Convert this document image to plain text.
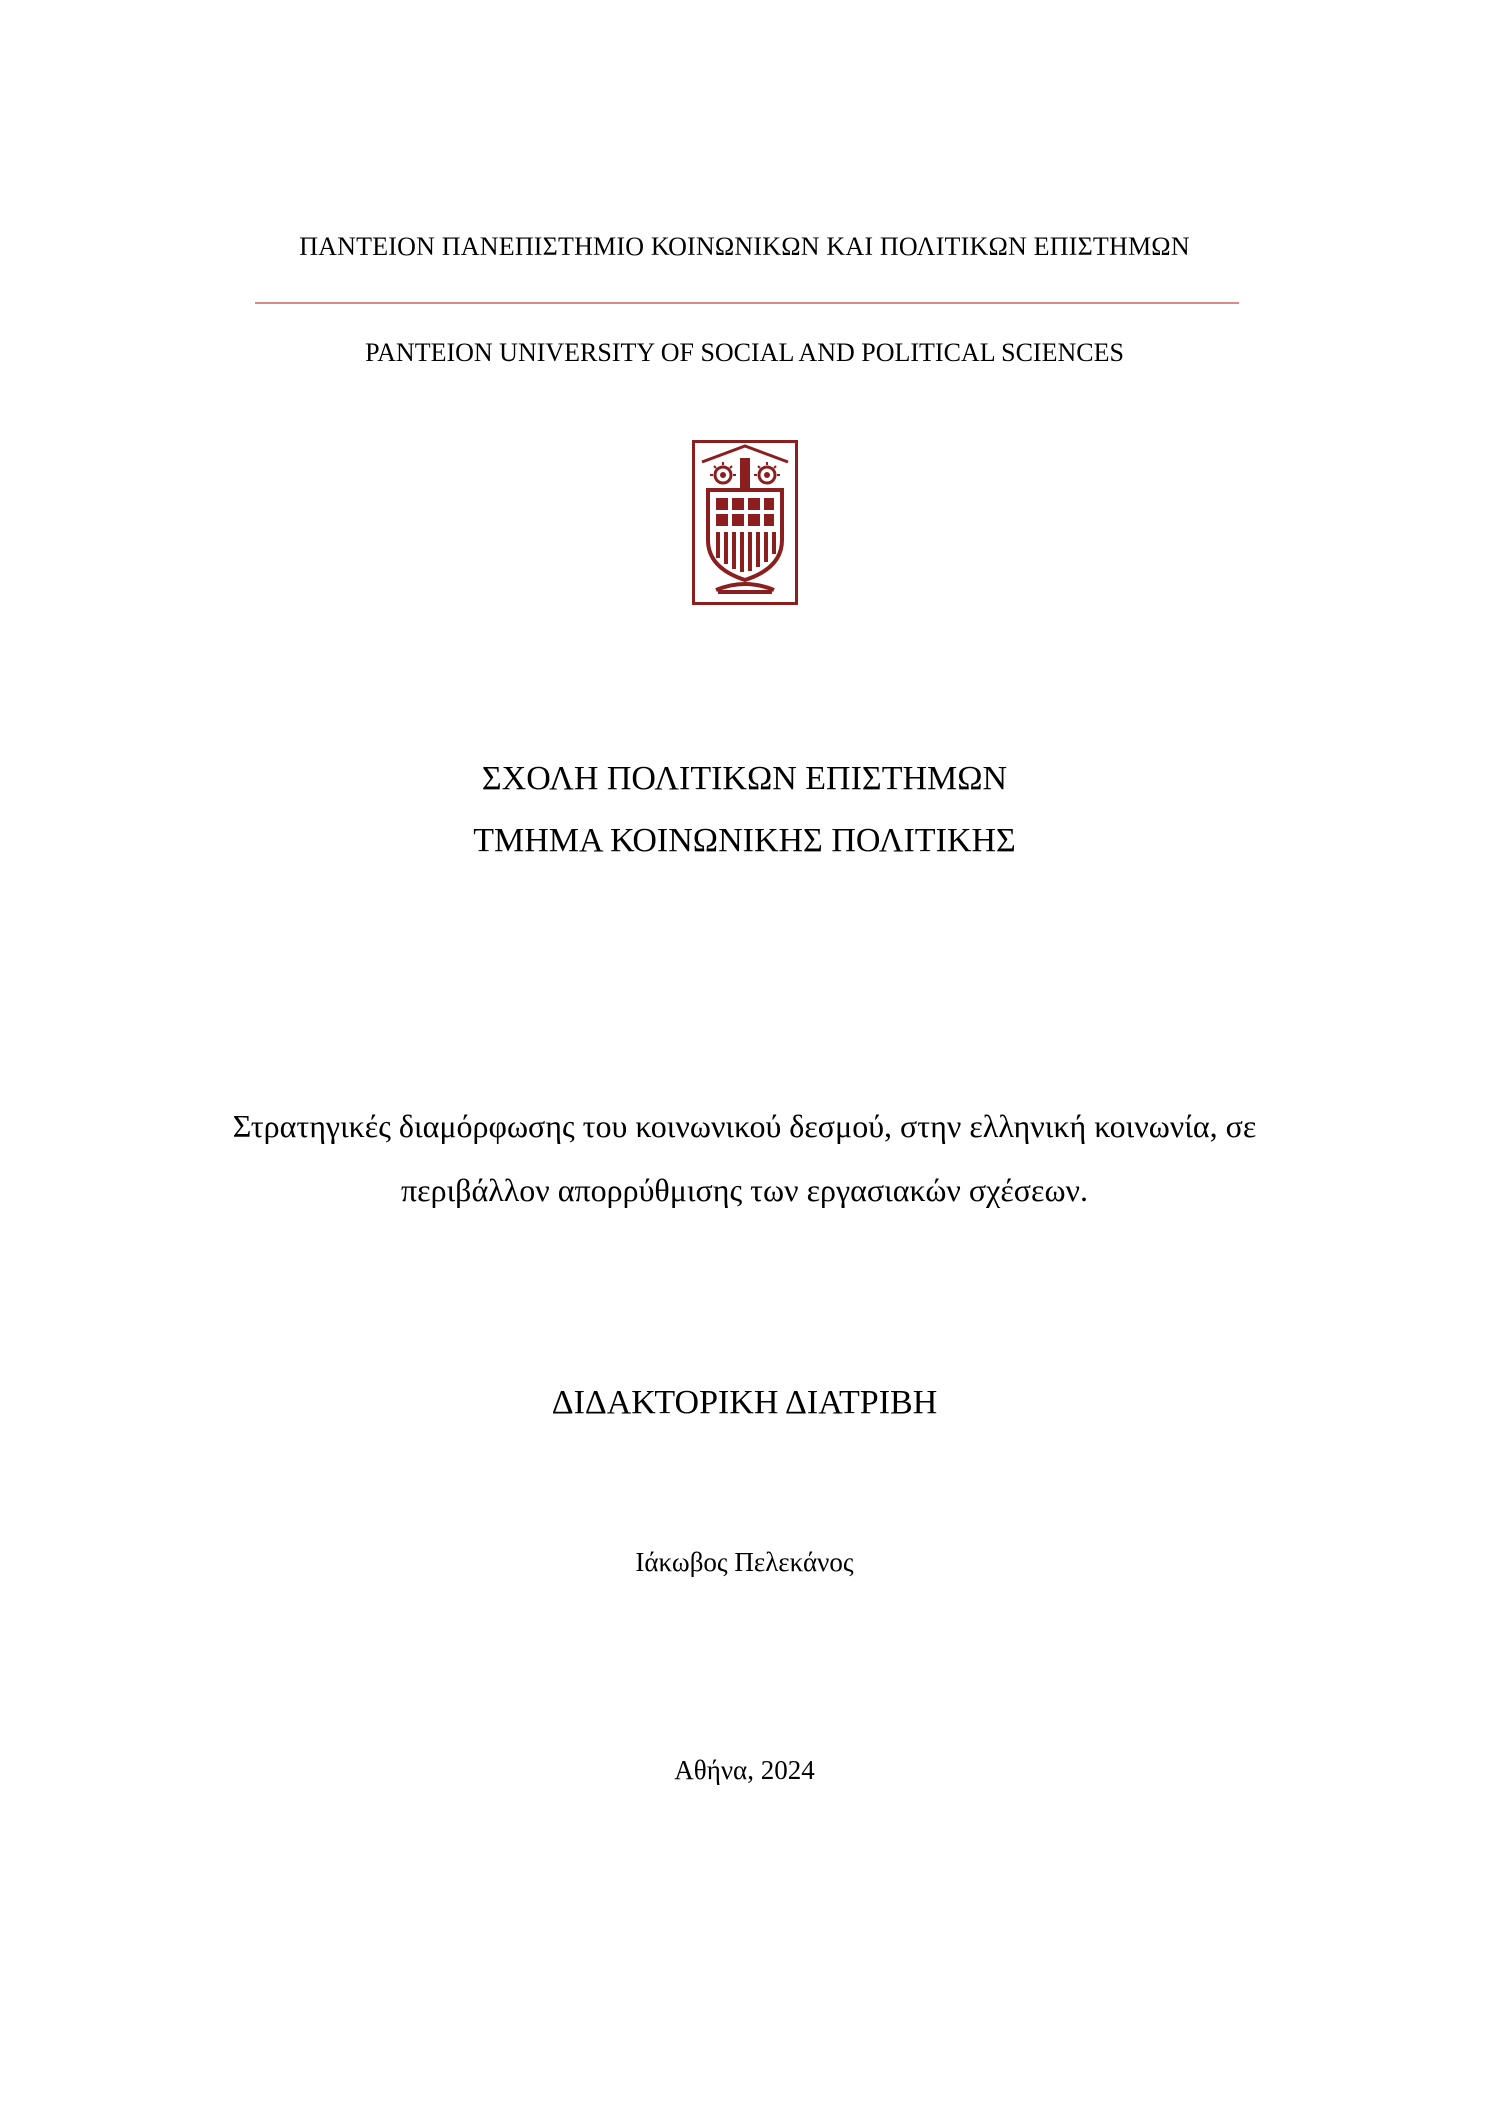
ΠΑΝΤΕΙΟΝ ΠΑΝΕΠΙΣΤΗΜΙΟ ΚΟΙΝΩΝΙΚΩΝ ΚΑΙ ΠΟΛΙΤΙΚΩΝ ΕΠΙΣΤΗΜΩΝ
PANTEION UNIVERSITY OF SOCIAL AND POLITICAL SCIENCES
ΣΧΟΛΗ ΠΟΛΙΤΙΚΩΝ ΕΠΙΣΤΗΜΩΝ
ΤΜΗΜΑ ΚΟΙΝΩΝΙΚΗΣ ΠΟΛΙΤΙΚΗΣ
Στρατηγικές διαμόρφωσης του κοινωνικού δεσμού, στην ελληνική κοινωνία, σε
περιβάλλον απορρύθμισης των εργασιακών σχέσεων.
ΔΙΔΑΚΤΟΡΙΚΗ ΔΙΑΤΡΙΒΗ
Ιάκωβος Πελεκάνος
Αθήνα, 2024
